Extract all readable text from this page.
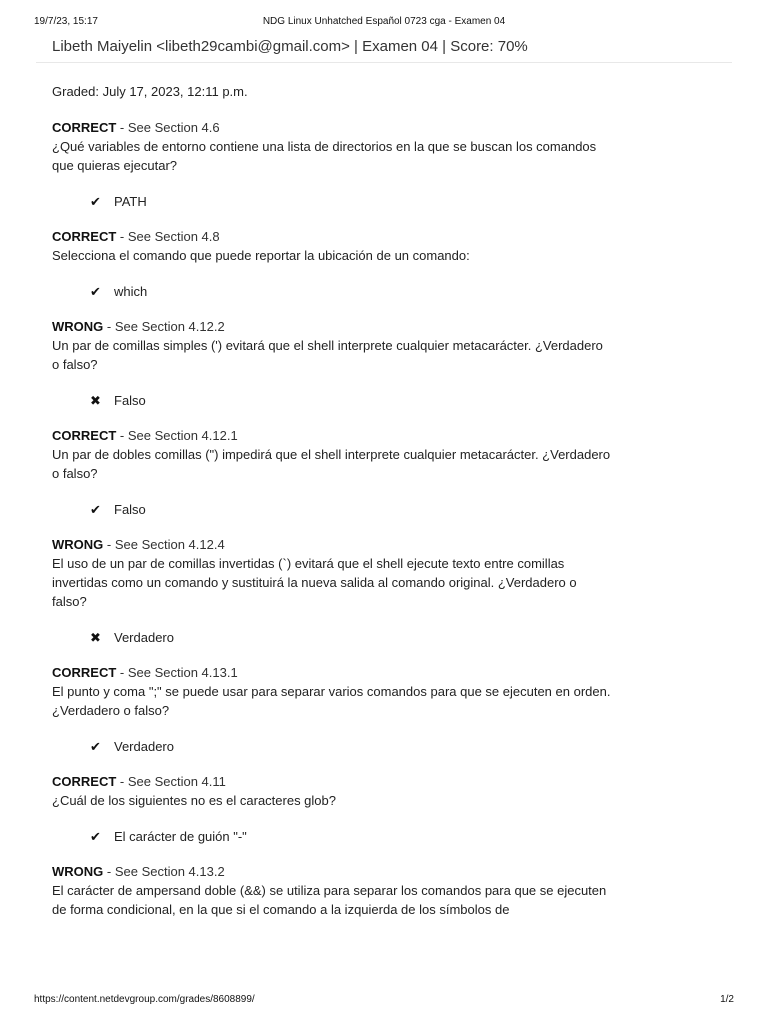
19/7/23, 15:17	NDG Linux Unhatched Español 0723 cga - Examen 04
Libeth Maiyelin <libeth29cambi@gmail.com> | Examen 04 | Score: 70%

Graded: July 17, 2023, 12:11 p.m.

CORRECT - See Section 4.6

¿Qué variables de entorno contiene una lista de directorios en la que se buscan los comandos que quieras ejecutar?

✔	PATH

CORRECT - See Section 4.8

Selecciona el comando que puede reportar la ubicación de un comando:

✔	which

WRONG - See Section 4.12.2

Un par de comillas simples (') evitará que el shell interprete cualquier metacarácter. ¿Verdadero o falso?

✖	Falso

CORRECT - See Section 4.12.1

Un par de dobles comillas (") impedirá que el shell interprete cualquier metacarácter. ¿Verdadero o falso?

✔	Falso

WRONG - See Section 4.12.4

El uso de un par de comillas invertidas (`) evitará que el shell ejecute texto entre comillas invertidas como un comando y sustituirá la nueva salida al comando original. ¿Verdadero o falso?

✖	Verdadero

CORRECT - See Section 4.13.1

El punto y coma ";" se puede usar para separar varios comandos para que se ejecuten en orden. ¿Verdadero o falso?

✔	Verdadero

CORRECT - See Section 4.11

¿Cuál de los siguientes no es el caracteres glob?

✔	El carácter de guión "-"

WRONG - See Section 4.13.2

El carácter de ampersand doble (&&) se utiliza para separar los comandos para que se ejecuten de forma condicional, en la que si el comando a la izquierda de los símbolos de

https://content.netdevgroup.com/grades/8608899/	1/2
